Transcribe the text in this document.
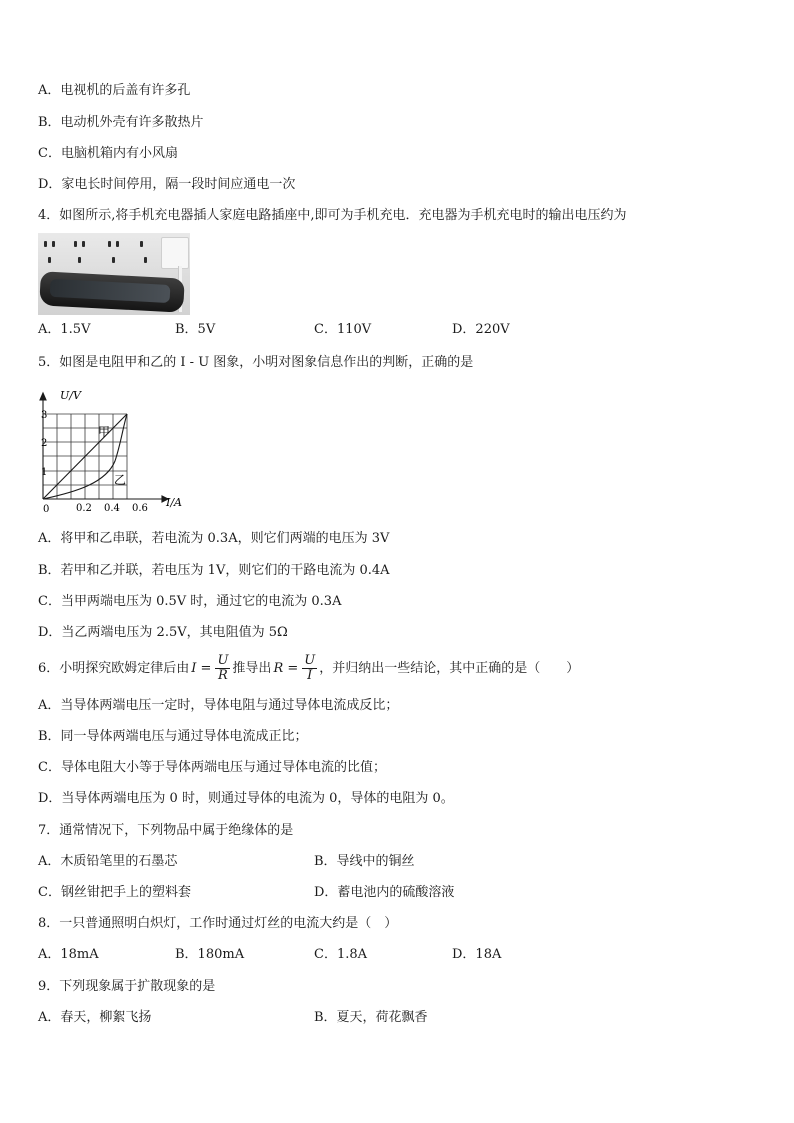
A．电视机的后盖有许多孔
B．电动机外壳有许多散热片
C．电脑机箱内有小风扇
D．家电长时间停用，隔一段时间应通电一次
4．如图所示,将手机充电器插人家庭电路插座中,即可为手机充电．充电器为手机充电时的输出电压约为
A．1.5V	B．5V	C．110V	D．220V
5．如图是电阻甲和乙的 I - U 图象，小明对图象信息作出的判断，正确的是
甲
乙
U/V
I/A
3
2
1
0	0.2 0.4 0.6
A．将甲和乙串联，若电流为 0.3A，则它们两端的电压为 3V
B．若甲和乙并联，若电压为 1V，则它们的干路电流为 0.4A
C．当甲两端电压为 0.5V 时，通过它的电流为 0.3A
D．当乙两端电压为 2.5V，其电阻值为 5Ω
6．小明探究欧姆定律后由 $I = \frac{U}{R}$ 推导出 $R = \frac{U}{I}$ ，并归纳出一些结论，其中正确的是（　　）
A．当导体两端电压一定时，导体电阻与通过导体电流成反比；
B．同一导体两端电压与通过导体电流成正比；
C．导体电阻大小等于导体两端电压与通过导体电流的比值；
D．当导体两端电压为 0 时，则通过导体的电流为 0，导体的电阻为 0。
7．通常情况下，下列物品中属于绝缘体的是
A．木质铅笔里的石墨芯	B．导线中的铜丝
C．钢丝钳把手上的塑料套	D．蓄电池内的硫酸溶液
8．一只普通照明白炽灯，工作时通过灯丝的电流大约是（　）
A．18mA	B．180mA	C．1.8A	D．18A
9．下列现象属于扩散现象的是
A．春天，柳絮飞扬	B．夏天，荷花飘香
